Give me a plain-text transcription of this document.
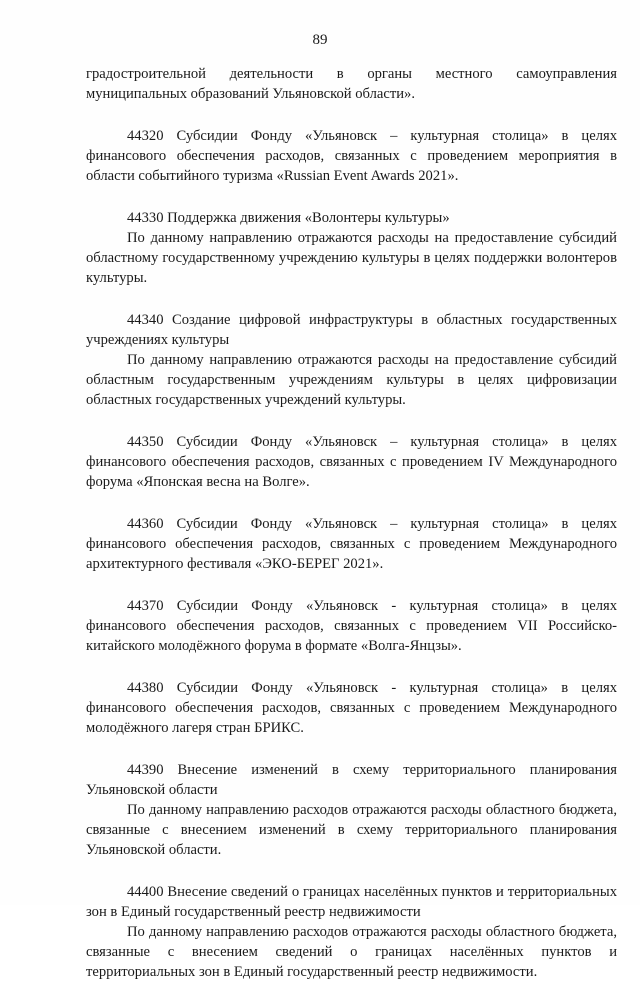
89

градостроительной деятельности в органы местного самоуправления муниципальных образований Ульяновской области».

44320 Субсидии Фонду «Ульяновск – культурная столица» в целях финансового обеспечения расходов, связанных с проведением мероприятия в области событийного туризма «Russian Event Awards 2021».

44330 Поддержка движения «Волонтеры культуры»

По данному направлению отражаются расходы на предоставление субсидий областному государственному учреждению культуры в целях поддержки волонтеров культуры.

44340 Создание цифровой инфраструктуры в областных государственных учреждениях культуры

По данному направлению отражаются расходы на предоставление субсидий областным государственным учреждениям культуры в целях цифровизации областных государственных учреждений культуры.

44350 Субсидии Фонду «Ульяновск – культурная столица» в целях финансового обеспечения расходов, связанных с проведением IV Международного форума «Японская весна на Волге».

44360 Субсидии Фонду «Ульяновск – культурная столица» в целях финансового обеспечения расходов, связанных с проведением Международного архитектурного фестиваля «ЭКО-БЕРЕГ 2021».

44370 Субсидии Фонду «Ульяновск - культурная столица» в целях финансового обеспечения расходов, связанных с проведением VII Российско-китайского молодёжного форума в формате «Волга-Янцзы».

44380 Субсидии Фонду «Ульяновск - культурная столица» в целях финансового обеспечения расходов, связанных с проведением Международного молодёжного лагеря стран БРИКС.

44390 Внесение изменений в схему территориального планирования Ульяновской области

По данному направлению расходов отражаются расходы областного бюджета, связанные с внесением изменений в схему территориального планирования Ульяновской области.

44400 Внесение сведений о границах населённых пунктов и территориальных зон в Единый государственный реестр недвижимости

По данному направлению расходов отражаются расходы областного бюджета, связанные с внесением сведений о границах населённых пунктов и территориальных зон в Единый государственный реестр недвижимости.
